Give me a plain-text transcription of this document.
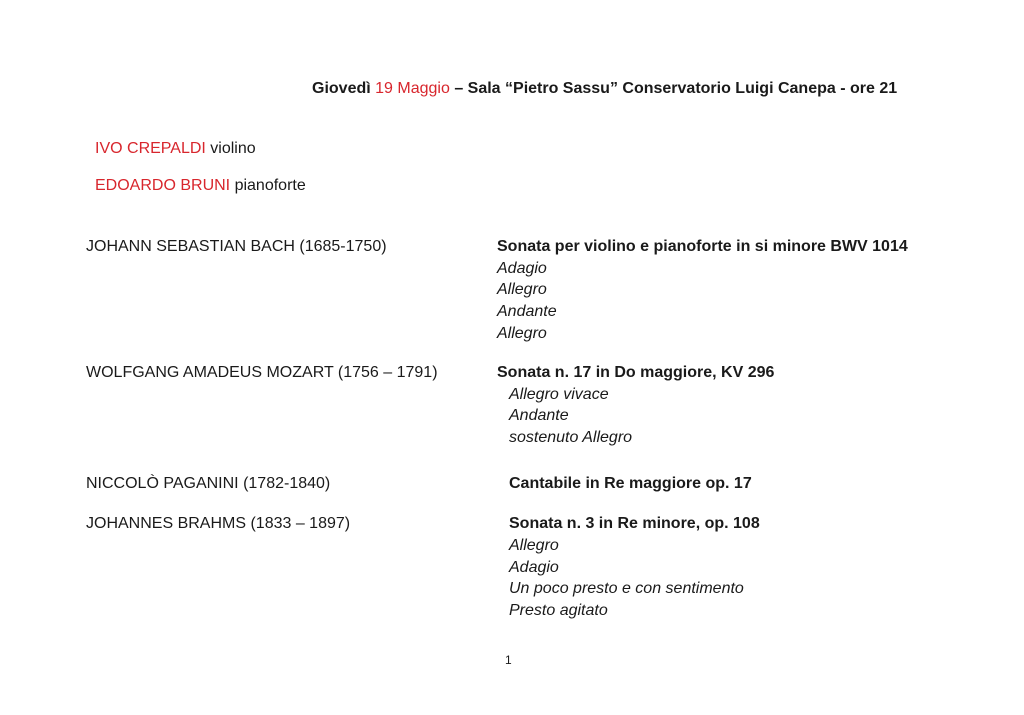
Giovedì 19 Maggio – Sala “Pietro Sassu” Conservatorio Luigi Canepa - ore 21
IVO CREPALDI violino
EDOARDO BRUNI pianoforte
JOHANN SEBASTIAN BACH (1685-1750)	Sonata per violino e pianoforte in si minore BWV 1014
Adagio
Allegro
Andante
Allegro
WOLFGANG AMADEUS MOZART (1756 – 1791)	Sonata n. 17 in Do maggiore, KV 296
Allegro vivace
Andante
sostenuto Allegro
NICCOLÒ PAGANINI (1782-1840)	Cantabile in Re maggiore op. 17
JOHANNES BRAHMS (1833 – 1897)	Sonata n. 3 in Re minore, op. 108
Allegro
Adagio
Un poco presto e con sentimento
Presto agitato
1
